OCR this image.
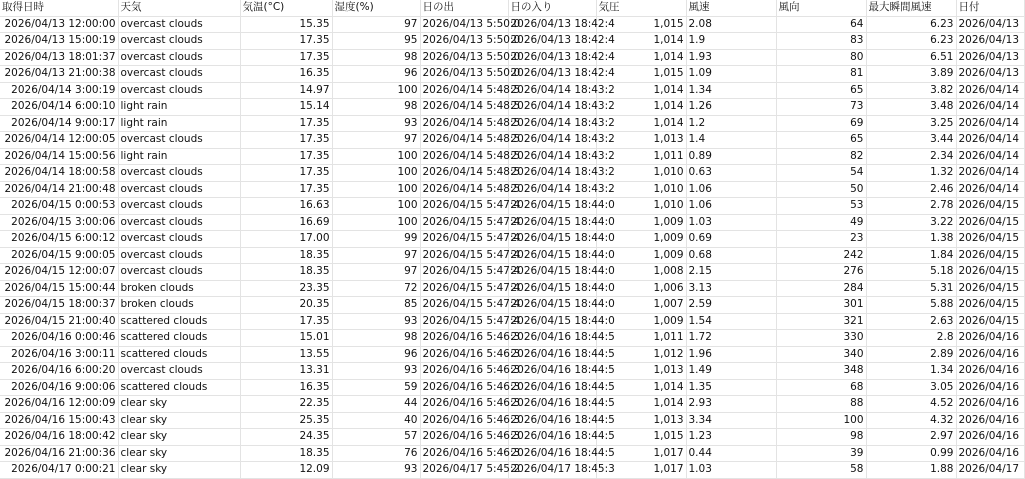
取得日時	天気	気温(°C)	湿度(%)	日の出	日の入り	気圧	風速	風向	最大瞬間風速	日付
2026/04/13 12:00:00	overcast clouds	15.35	97	2026/04/13 5:50:0	2026/04/13 18:42:4	1,015	2.08	64	6.23	2026/04/13
2026/04/13 15:00:19	overcast clouds	17.35	95	2026/04/13 5:50:0	2026/04/13 18:42:4	1,014	1.9	83	6.23	2026/04/13
2026/04/13 18:01:37	overcast clouds	17.35	98	2026/04/13 5:50:0	2026/04/13 18:42:4	1,014	1.93	80	6.51	2026/04/13
2026/04/13 21:00:38	overcast clouds	16.35	96	2026/04/13 5:50:0	2026/04/13 18:42:4	1,015	1.09	81	3.89	2026/04/13
2026/04/14 3:00:19	overcast clouds	14.97	100	2026/04/14 5:48:5	2026/04/14 18:43:2	1,014	1.34	65	3.82	2026/04/14
2026/04/14 6:00:10	light rain	15.14	98	2026/04/14 5:48:5	2026/04/14 18:43:2	1,014	1.26	73	3.48	2026/04/14
2026/04/14 9:00:17	light rain	17.35	93	2026/04/14 5:48:5	2026/04/14 18:43:2	1,014	1.2	69	3.25	2026/04/14
2026/04/14 12:00:05	overcast clouds	17.35	97	2026/04/14 5:48:5	2026/04/14 18:43:2	1,013	1.4	65	3.44	2026/04/14
2026/04/14 15:00:56	light rain	17.35	100	2026/04/14 5:48:5	2026/04/14 18:43:2	1,011	0.89	82	2.34	2026/04/14
2026/04/14 18:00:58	overcast clouds	17.35	100	2026/04/14 5:48:5	2026/04/14 18:43:2	1,010	0.63	54	1.32	2026/04/14
2026/04/14 21:00:48	overcast clouds	17.35	100	2026/04/14 5:48:5	2026/04/14 18:43:2	1,010	1.06	50	2.46	2026/04/14
2026/04/15 0:00:53	overcast clouds	16.63	100	2026/04/15 5:47:4	2026/04/15 18:44:0	1,010	1.06	53	2.78	2026/04/15
2026/04/15 3:00:06	overcast clouds	16.69	100	2026/04/15 5:47:4	2026/04/15 18:44:0	1,009	1.03	49	3.22	2026/04/15
2026/04/15 6:00:12	overcast clouds	17.00	99	2026/04/15 5:47:4	2026/04/15 18:44:0	1,009	0.69	23	1.38	2026/04/15
2026/04/15 9:00:05	overcast clouds	18.35	97	2026/04/15 5:47:4	2026/04/15 18:44:0	1,009	0.68	242	1.84	2026/04/15
2026/04/15 12:00:07	overcast clouds	18.35	97	2026/04/15 5:47:4	2026/04/15 18:44:0	1,008	2.15	276	5.18	2026/04/15
2026/04/15 15:00:44	broken clouds	23.35	72	2026/04/15 5:47:4	2026/04/15 18:44:0	1,006	3.13	284	5.31	2026/04/15
2026/04/15 18:00:37	broken clouds	20.35	85	2026/04/15 5:47:4	2026/04/15 18:44:0	1,007	2.59	301	5.88	2026/04/15
2026/04/15 21:00:40	scattered clouds	17.35	93	2026/04/15 5:47:4	2026/04/15 18:44:0	1,009	1.54	321	2.63	2026/04/15
2026/04/16 0:00:46	scattered clouds	15.01	98	2026/04/16 5:46:3	2026/04/16 18:44:5	1,011	1.72	330	2.8	2026/04/16
2026/04/16 3:00:11	scattered clouds	13.55	96	2026/04/16 5:46:3	2026/04/16 18:44:5	1,012	1.96	340	2.89	2026/04/16
2026/04/16 6:00:20	overcast clouds	13.31	93	2026/04/16 5:46:3	2026/04/16 18:44:5	1,013	1.49	348	1.34	2026/04/16
2026/04/16 9:00:06	scattered clouds	16.35	59	2026/04/16 5:46:3	2026/04/16 18:44:5	1,014	1.35	68	3.05	2026/04/16
2026/04/16 12:00:09	clear sky	22.35	44	2026/04/16 5:46:3	2026/04/16 18:44:5	1,014	2.93	88	4.52	2026/04/16
2026/04/16 15:00:43	clear sky	25.35	40	2026/04/16 5:46:3	2026/04/16 18:44:5	1,013	3.34	100	4.32	2026/04/16
2026/04/16 18:00:42	clear sky	24.35	57	2026/04/16 5:46:3	2026/04/16 18:44:5	1,015	1.23	98	2.97	2026/04/16
2026/04/16 21:00:36	clear sky	18.35	76	2026/04/16 5:46:3	2026/04/16 18:44:5	1,017	0.44	39	0.99	2026/04/16
2026/04/17 0:00:21	clear sky	12.09	93	2026/04/17 5:45:2	2026/04/17 18:45:3	1,017	1.03	58	1.88	2026/04/17
